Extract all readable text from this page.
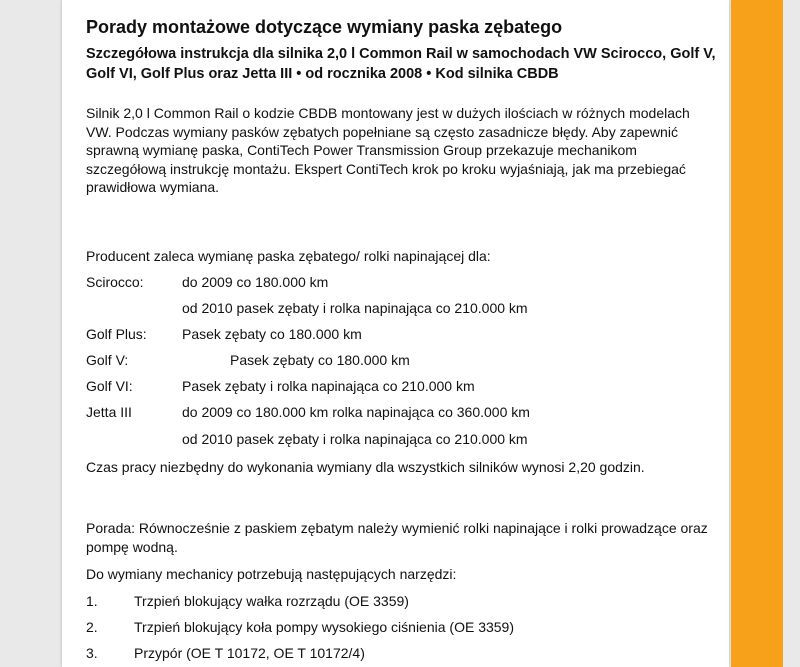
Porady montażowe dotyczące wymiany paska zębatego
Szczegółowa instrukcja dla silnika 2,0 l Common Rail w samochodach VW Scirocco, Golf V, Golf VI, Golf Plus oraz Jetta III • od rocznika 2008 • Kod silnika CBDB
Silnik 2,0 l Common Rail o kodzie CBDB montowany jest w dużych ilościach w różnych modelach VW. Podczas wymiany pasków zębatych popełniane są często zasadnicze błędy. Aby zapewnić sprawną wymianę paska, ContiTech Power Transmission Group przekazuje mechanikom szczegółową instrukcję montażu. Ekspert ContiTech krok po kroku wyjaśniają, jak ma przebiegać prawidłowa wymiana.
Producent zaleca wymianę paska zębatego/ rolki napinającej dla:
Scirocco:	do 2009 co 180.000 km
od 2010 pasek zębaty i rolka napinająca co 210.000 km
Golf Plus:	Pasek zębaty co 180.000 km
Golf V:	Pasek zębaty co 180.000 km
Golf VI:	Pasek zębaty i rolka napinająca co 210.000 km
Jetta III	do 2009 co 180.000 km rolka napinająca co 360.000 km
od 2010 pasek zębaty i rolka napinająca co 210.000 km
Czas pracy niezbędny do wykonania wymiany dla wszystkich silników wynosi 2,20 godzin.
Porada: Równocześnie z paskiem zębatym należy wymienić rolki napinające i rolki prowadzące oraz pompę wodną.
Do wymiany mechanicy potrzebują następujących narzędzi:
1.	Trzpień blokujący wałka rozrządu (OE 3359)
2.	Trzpień blokujący koła pompy wysokiego ciśnienia (OE 3359)
3.	Przypór (OE T 10172, OE T 10172/4)
